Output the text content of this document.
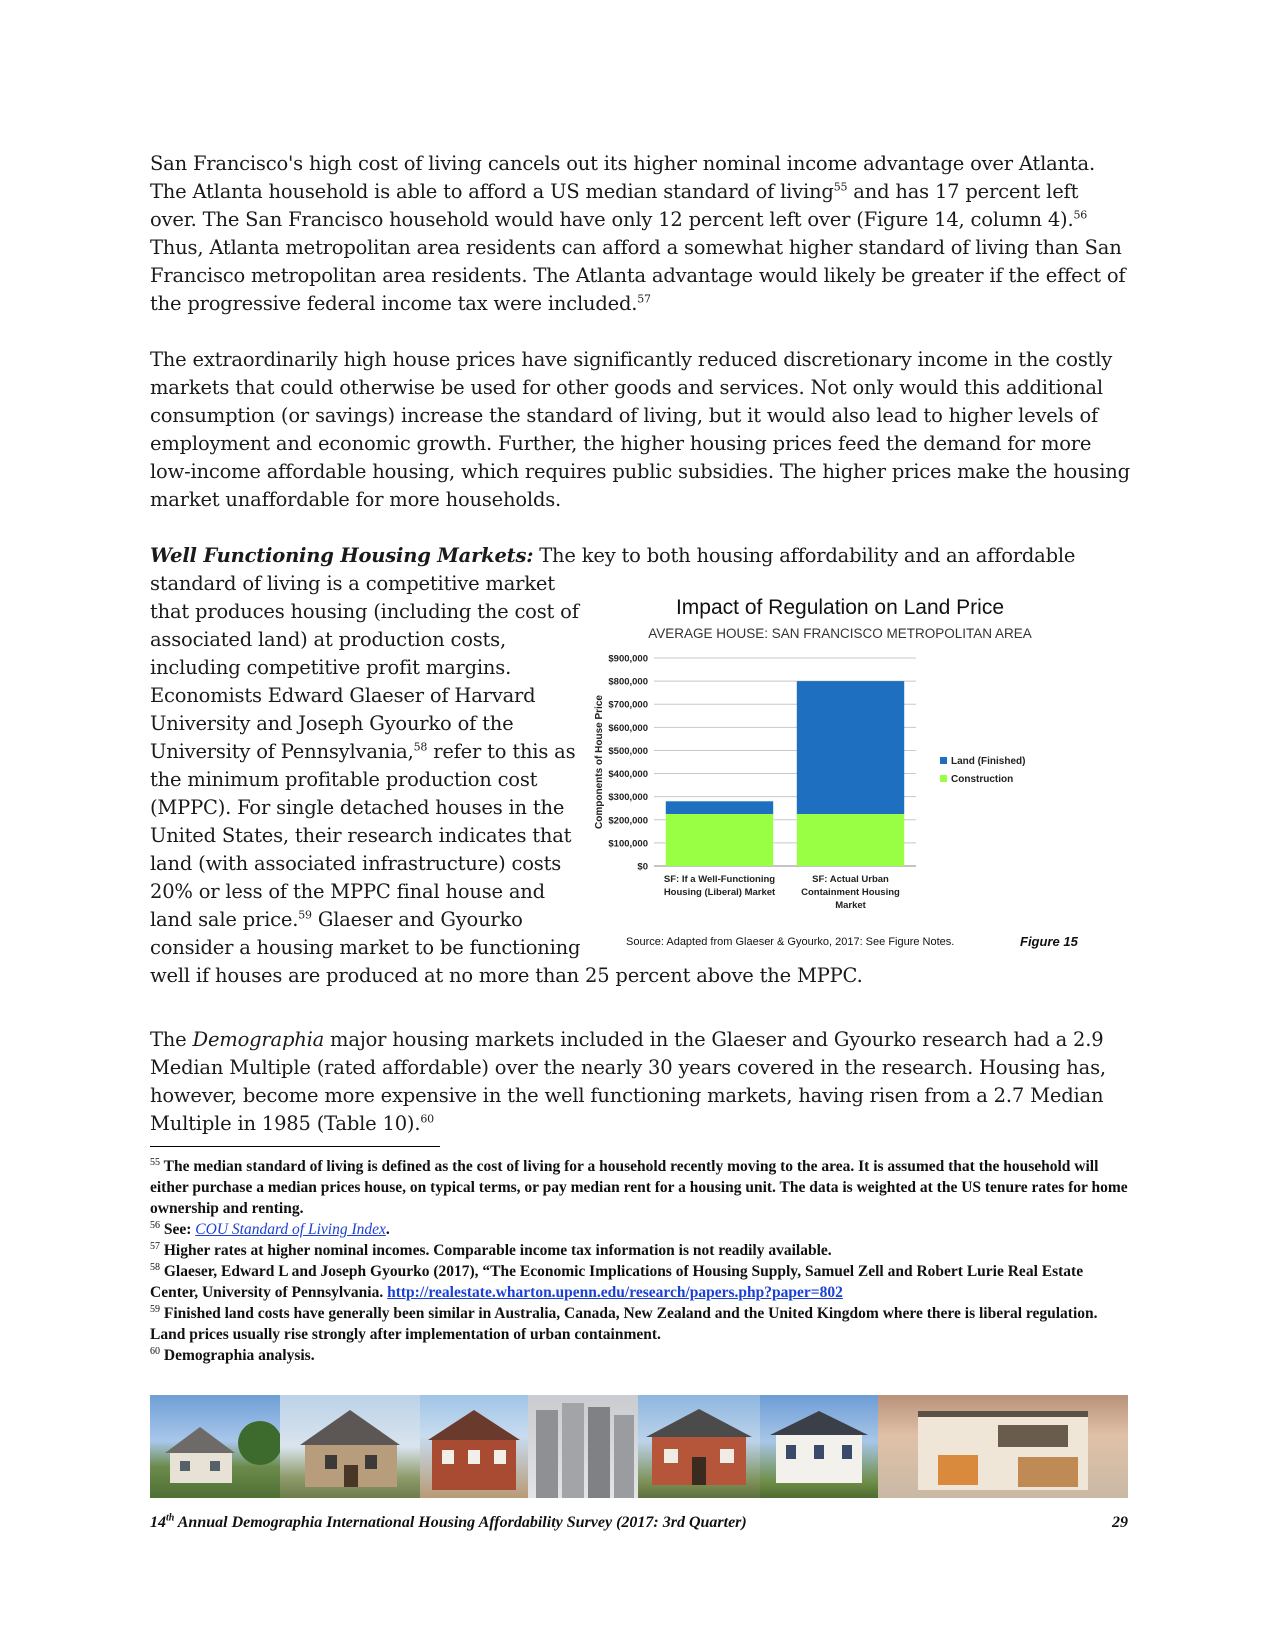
San Francisco's high cost of living cancels out its higher nominal income advantage over Atlanta. The Atlanta household is able to afford a US median standard of living$^{55}$ and has 17 percent left over. The San Francisco household would have only 12 percent left over (Figure 14, column 4).$^{56}$ Thus, Atlanta metropolitan area residents can afford a somewhat higher standard of living than San Francisco metropolitan area residents. The Atlanta advantage would likely be greater if the effect of the progressive federal income tax were included.$^{57}$

The extraordinarily high house prices have significantly reduced discretionary income in the costly markets that could otherwise be used for other goods and services. Not only would this additional consumption (or savings) increase the standard of living, but it would also lead to higher levels of employment and economic growth. Further, the higher housing prices feed the demand for more low-income affordable housing, which requires public subsidies. The higher prices make the housing market unaffordable for more households.

Well Functioning Housing Markets: The key to both housing affordability and an affordable

standard of living is a competitive market that produces housing (including the cost of associated land) at production costs, including competitive profit margins. Economists Edward Glaeser of Harvard University and Joseph Gyourko of the University of Pennsylvania,$^{58}$ refer to this as the minimum profitable production cost (MPPC). For single detached houses in the United States, their research indicates that land (with associated infrastructure) costs 20% or less of the MPPC final house and land sale price.$^{59}$ Glaeser and Gyourko consider a housing market to be functioning

well if houses are produced at no more than 25 percent above the MPPC.

Impact of Regulation on Land Price
AVERAGE HOUSE: SAN FRANCISCO METROPOLITAN AREA
$0
$100,000
$200,000
$300,000
$400,000
$500,000
$600,000
$700,000
$800,000
$900,000
Components of House Price
SF: If a Well-Functioning
Housing (Liberal) Market
SF: Actual Urban
Containment Housing
Market
Land (Finished)
Construction
Source: Adapted from Glaeser & Gyourko, 2017: See Figure Notes.	Figure 15

The Demographia major housing markets included in the Glaeser and Gyourko research had a 2.9 Median Multiple (rated affordable) over the nearly 30 years covered in the research. Housing has, however, become more expensive in the well functioning markets, having risen from a 2.7 Median Multiple in 1985 (Table 10).$^{60}$

$^{55}$ The median standard of living is defined as the cost of living for a household recently moving to the area. It is assumed that the household will either purchase a median prices house, on typical terms, or pay median rent for a housing unit. The data is weighted at the US tenure rates for home ownership and renting.

$^{56}$ See: COU Standard of Living Index.

$^{57}$ Higher rates at higher nominal incomes. Comparable income tax information is not readily available.

$^{58}$ Glaeser, Edward L and Joseph Gyourko (2017), “The Economic Implications of Housing Supply, Samuel Zell and Robert Lurie Real Estate Center, University of Pennsylvania. http://realestate.wharton.upenn.edu/research/papers.php?paper=802

$^{59}$ Finished land costs have generally been similar in Australia, Canada, New Zealand and the United Kingdom where there is liberal regulation. Land prices usually rise strongly after implementation of urban containment.

$^{60}$ Demographia analysis.

14th Annual Demographia International Housing Affordability Survey (2017: 3rd Quarter)	29
